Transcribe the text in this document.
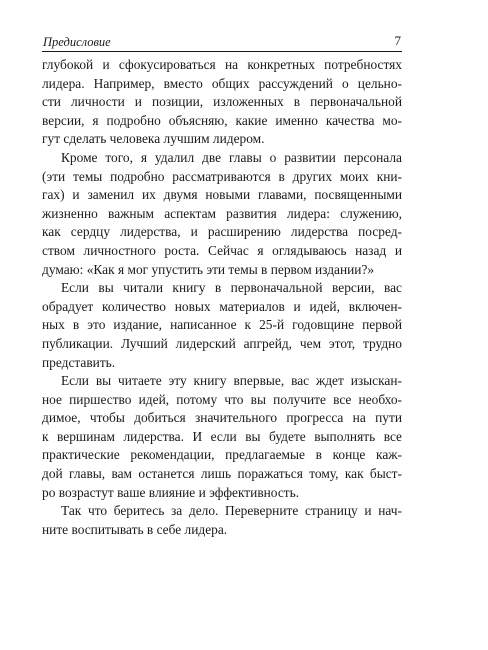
Предисловие	7
глубокой и сфокусироваться на конкретных потребностях
лидера. Например, вместо общих рассуждений о цельно-
сти личности и позиции, изложенных в первоначальной
версии, я подробно объясняю, какие именно качества мо-
гут сделать человека лучшим лидером.
Кроме того, я удалил две главы о развитии персонала
(эти темы подробно рассматриваются в других моих кни-
гах) и заменил их двумя новыми главами, посвященными
жизненно важным аспектам развития лидера: служению,
как сердцу лидерства, и расширению лидерства посред-
ством личностного роста. Сейчас я оглядываюсь назад и
думаю: «Как я мог упустить эти темы в первом издании?»
Если вы читали книгу в первоначальной версии, вас
обрадует количество новых материалов и идей, включен-
ных в это издание, написанное к 25-й годовщине первой
публикации. Лучший лидерский апгрейд, чем этот, трудно
представить.
Если вы читаете эту книгу впервые, вас ждет изыскан-
ное пиршество идей, потому что вы получите все необхо-
димое, чтобы добиться значительного прогресса на пути
к вершинам лидерства. И если вы будете выполнять все
практические рекомендации, предлагаемые в конце каж-
дой главы, вам останется лишь поражаться тому, как быст-
ро возрастут ваше влияние и эффективность.
Так что беритесь за дело. Переверните страницу и нач-
ните воспитывать в себе лидера.
